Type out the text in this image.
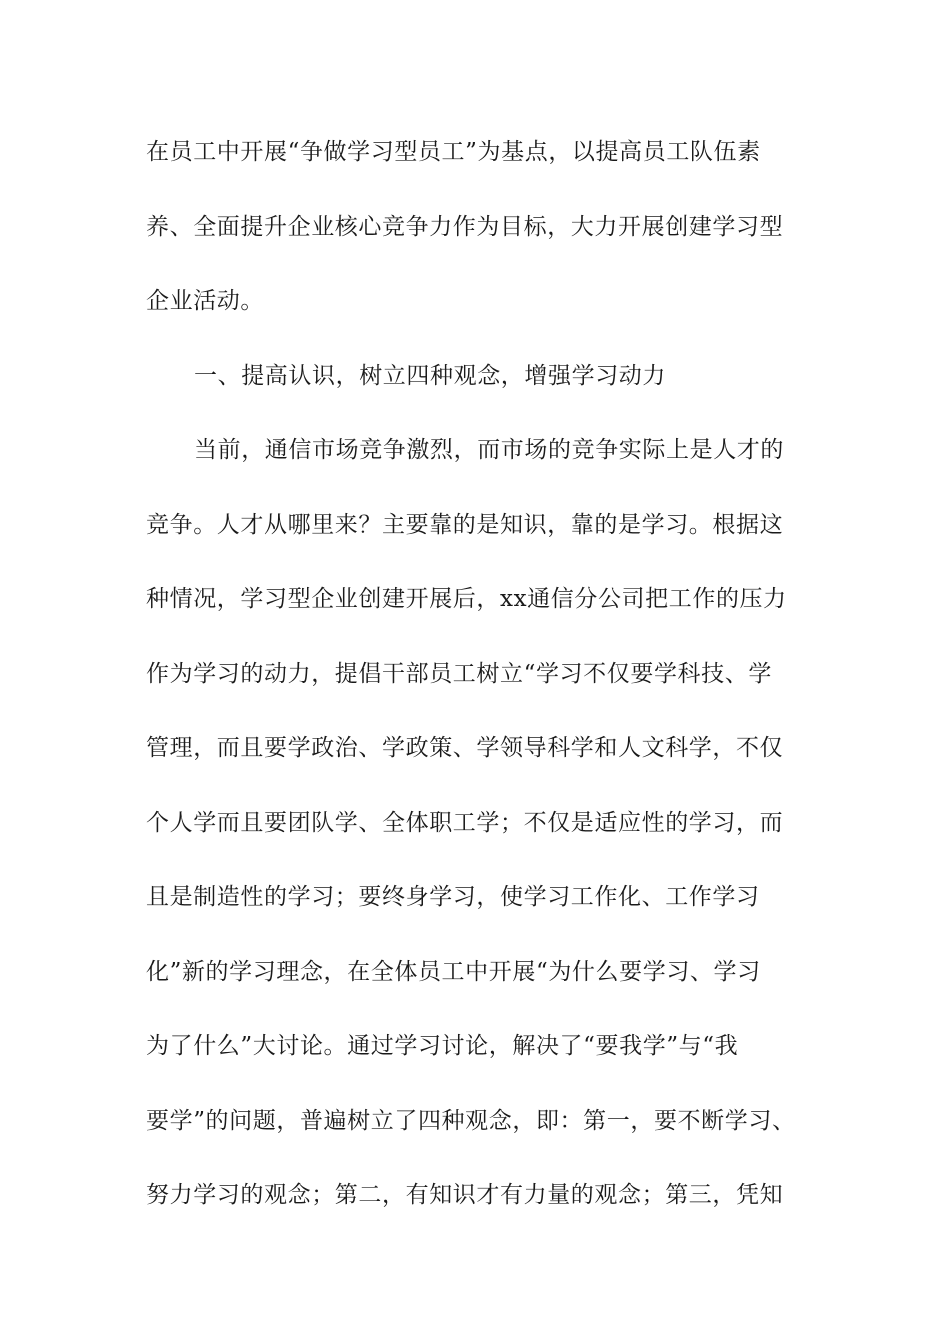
在员工中开展“争做学习型员工”为基点，以提高员工队伍素
养、全面提升企业核心竞争力作为目标，大力开展创建学习型
企业活动。
一、提高认识，树立四种观念，增强学习动力
当前，通信市场竞争激烈，而市场的竞争实际上是人才的
竞争。人才从哪里来？主要靠的是知识，靠的是学习。根据这
种情况，学习型企业创建开展后，xx通信分公司把工作的压力
作为学习的动力，提倡干部员工树立“学习不仅要学科技、学
管理，而且要学政治、学政策、学领导科学和人文科学，不仅
个人学而且要团队学、全体职工学；不仅是适应性的学习，而
且是制造性的学习；要终身学习，使学习工作化、工作学习
化”新的学习理念，在全体员工中开展“为什么要学习、学习
为了什么”大讨论。通过学习讨论，解决了“要我学”与“我
要学”的问题，普遍树立了四种观念，即：第一，要不断学习、
努力学习的观念；第二，有知识才有力量的观念；第三，凭知
